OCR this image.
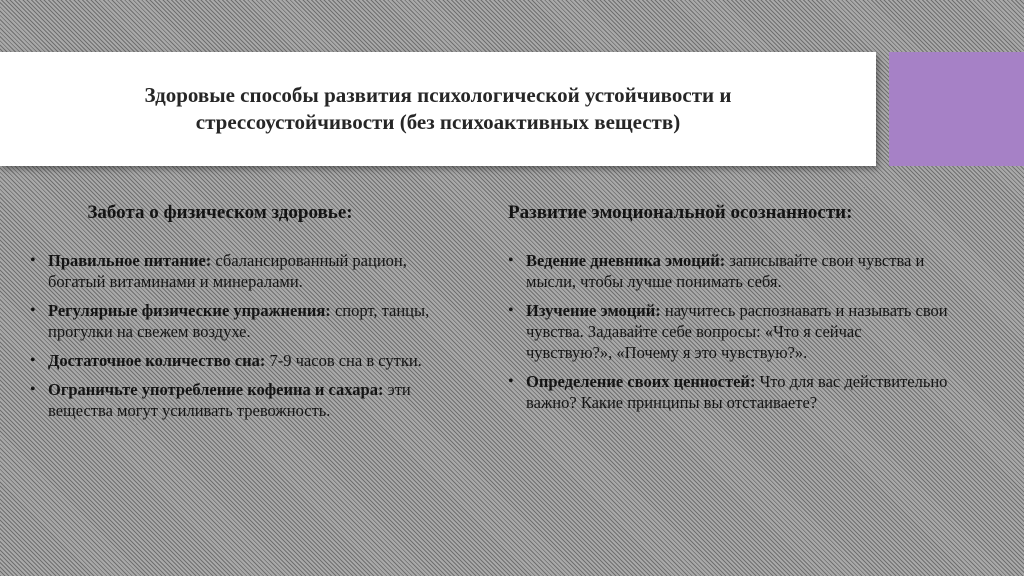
Здоровые способы развития психологической устойчивости и
стрессоустойчивости (без психоактивных веществ)
Забота о физическом здоровье:
• Правильное питание: сбалансированный рацион, богатый витаминами и минералами.
• Регулярные физические упражнения: спорт, танцы, прогулки на свежем воздухе.
• Достаточное количество сна: 7-9 часов сна в сутки.
• Ограничьте употребление кофеина и сахара: эти вещества могут усиливать тревожность.
Развитие эмоциональной осознанности:
• Ведение дневника эмоций: записывайте свои чувства и мысли, чтобы лучше понимать себя.
• Изучение эмоций: научитесь распознавать и называть свои чувства. Задавайте себе вопросы: «Что я сейчас чувствую?», «Почему я это чувствую?».
• Определение своих ценностей: Что для вас действительно важно? Какие принципы вы отстаиваете?
